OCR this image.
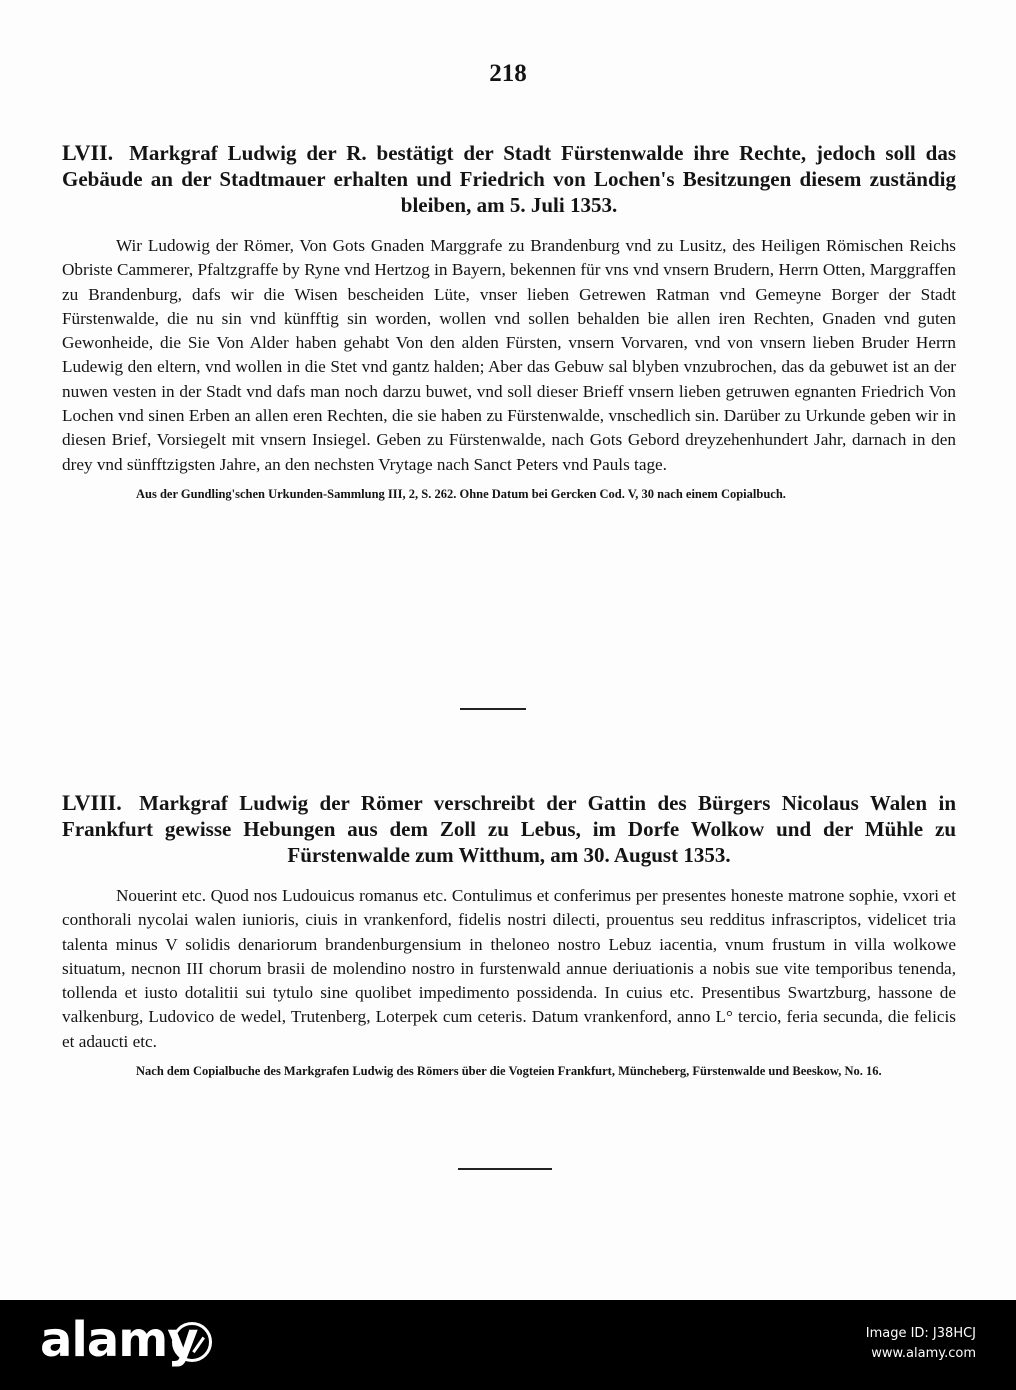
218
LVII. Markgraf Ludwig der R. bestätigt der Stadt Fürstenwalde ihre Rechte, jedoch soll das Gebäude an der Stadtmauer erhalten und Friedrich von Lochen's Besitzungen diesem zuständig bleiben, am 5. Juli 1353.
Wir Ludowig der Römer, Von Gots Gnaden Marggrafe zu Brandenburg vnd zu Lusitz, des Heiligen Römischen Reichs Obriste Cammerer, Pfaltzgraffe by Ryne vnd Hertzog in Bayern, bekennen für vns vnd vnsern Brudern, Herrn Otten, Marggraffen zu Brandenburg, dafs wir die Wisen bescheiden Lüte, vnser lieben Getrewen Ratman vnd Gemeyne Borger der Stadt Fürstenwalde, die nu sin vnd künfftig sin worden, wollen vnd sollen behalden bie allen iren Rechten, Gnaden vnd guten Gewonheide, die Sie Von Alder haben gehabt Von den alden Fürsten, vnsern Vorvaren, vnd von vnsern lieben Bruder Herrn Ludewig den eltern, vnd wollen in die Stet vnd gantz halden; Aber das Gebuw sal blyben vnzubrochen, das da gebuwet ist an der nuwen vesten in der Stadt vnd dafs man noch darzu buwet, vnd soll dieser Brieff vnsern lieben getruwen egnanten Friedrich Von Lochen vnd sinen Erben an allen eren Rechten, die sie haben zu Fürstenwalde, vnschedlich sin. Darüber zu Urkunde geben wir in diesen Brief, Vorsiegelt mit vnsern Insiegel. Geben zu Fürstenwalde, nach Gots Gebord dreyzehenhundert Jahr, darnach in den drey vnd sünfftzigsten Jahre, an den nechsten Vrytage nach Sanct Peters vnd Pauls tage.
Aus der Gundling'schen Urkunden-Sammlung III, 2, S. 262. Ohne Datum bei Gercken Cod. V, 30 nach einem Copialbuch.
LVIII. Markgraf Ludwig der Römer verschreibt der Gattin des Bürgers Nicolaus Walen in Frankfurt gewisse Hebungen aus dem Zoll zu Lebus, im Dorfe Wolkow und der Mühle zu Fürstenwalde zum Witthum, am 30. August 1353.
Nouerint etc. Quod nos Ludouicus romanus etc. Contulimus et conferimus per presentes honeste matrone sophie, vxori et conthorali nycolai walen iunioris, ciuis in vrankenford, fidelis nostri dilecti, prouentus seu redditus infrascriptos, videlicet tria talenta minus V solidis denariorum brandenburgensium in theloneo nostro Lebuz iacentia, vnum frustum in villa wolkowe situatum, necnon III chorum brasii de molendino nostro in furstenwald annue deriuationis a nobis sue vite temporibus tenenda, tollenda et iusto dotalitii sui tytulo sine quolibet impedimento possidenda. In cuius etc. Presentibus Swartzburg, hassone de valkenburg, Ludovico de wedel, Trutenberg, Loterpek cum ceteris. Datum vrankenford, anno L° tercio, feria secunda, die felicis et adaucti etc.
Nach dem Copialbuche des Markgrafen Ludwig des Römers über die Vogteien Frankfurt, Müncheberg, Fürstenwalde und Beeskow, No. 16.
alamy	Image ID: J38HCJ
www.alamy.com
